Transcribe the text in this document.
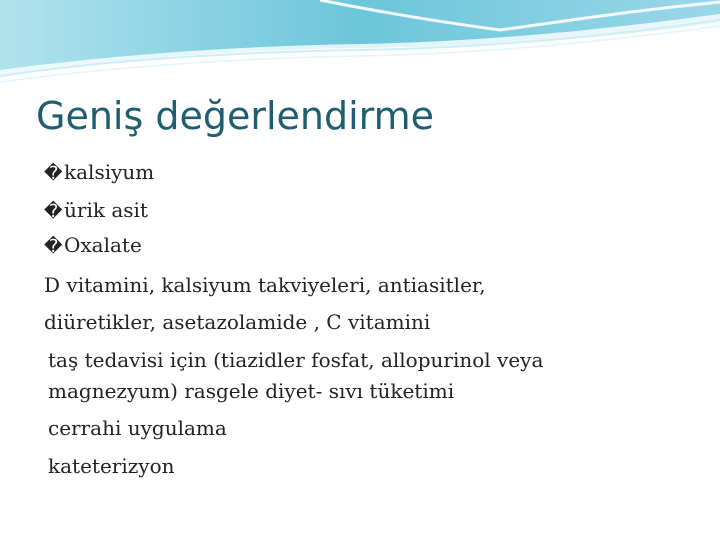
Geniş değerlendirme
�kalsiyum
�ürik asit
�Oxalate
D vitamini, kalsiyum takviyeleri, antiasitler,
diüretikler, asetazolamide , C vitamini
taş tedavisi için (tiazidler fosfat, allopurinol veya
magnezyum) rasgele diyet- sıvı tüketimi
cerrahi uygulama
kateterizyon
